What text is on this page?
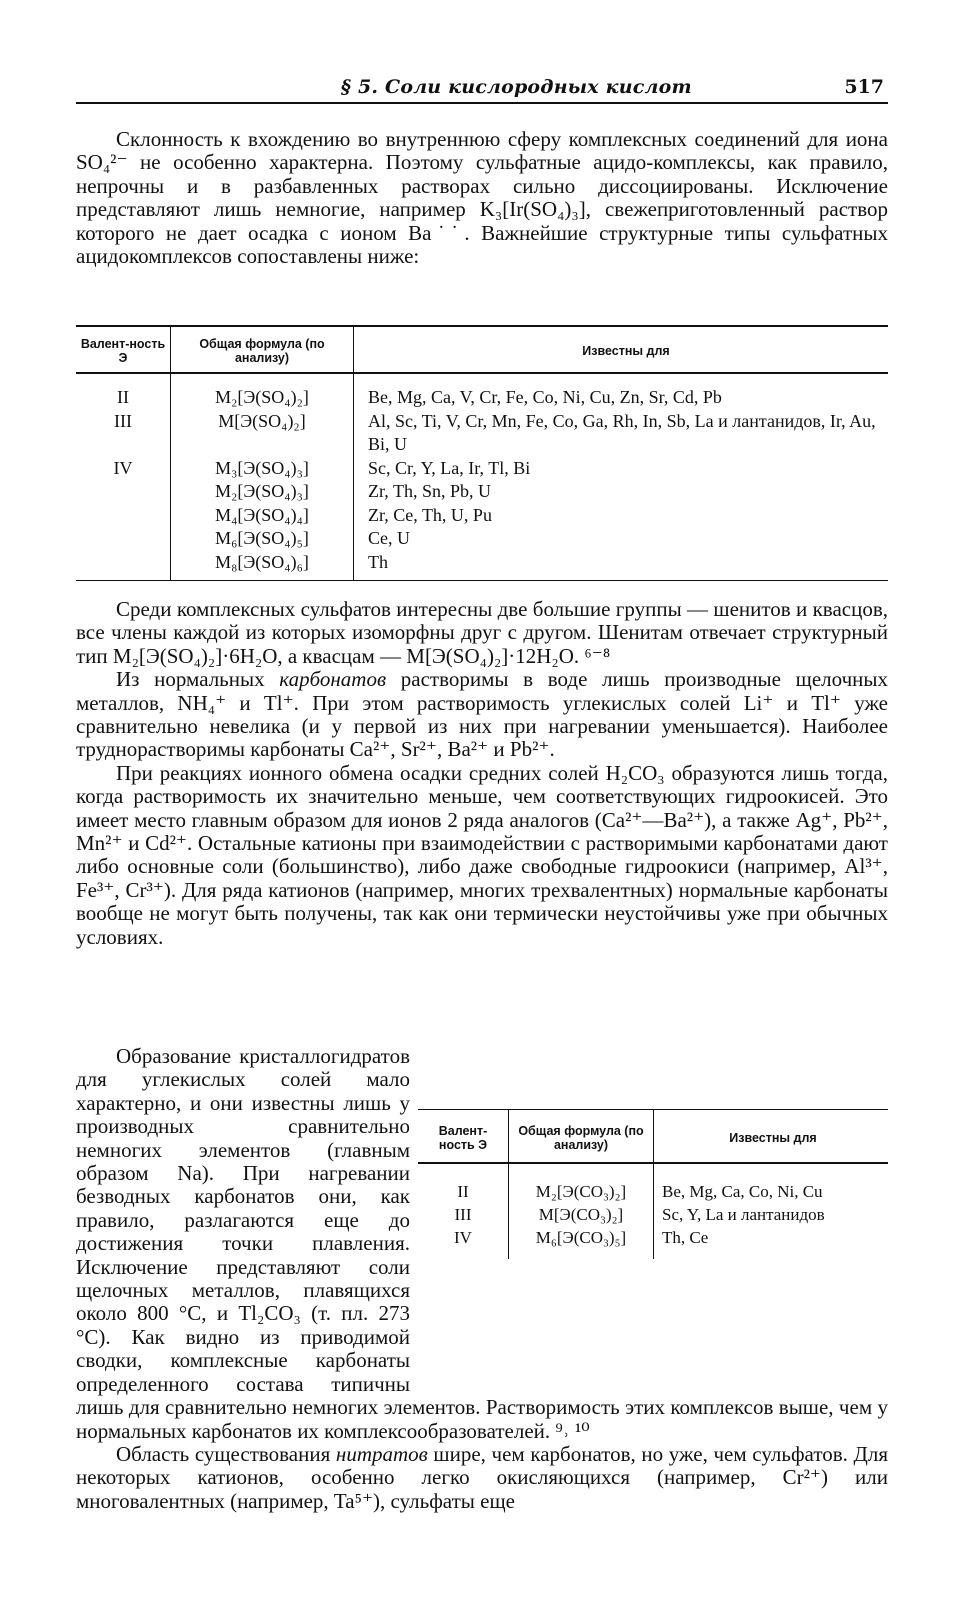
§ 5. Соли кислородных кислот	517

Склонность к вхождению во внутреннюю сферу комплексных соединений для иона SO₄²⁻ не особенно характерна. Поэтому сульфатные ацидо-комплексы, как правило, непрочны и в разбавленных растворах сильно диссоциированы. Исключение представляют лишь немногие, например K₃[Ir(SO₄)₃], свежеприготовленный раствор которого не дает осадка с ионом Ba˙˙. Важнейшие структурные типы сульфатных ацидокомплексов сопоставлены ниже:

Валент-ность Э	Общая формула (по анализу)	Известны для
II	M₂[Э(SO₄)₂]	Be, Mg, Ca, V, Cr, Fe, Co, Ni, Cu, Zn, Sr, Cd, Pb
III	M[Э(SO₄)₂]	Al, Sc, Ti, V, Cr, Mn, Fe, Co, Ga, Rh, In, Sb, La и лантанидов, Ir, Au, Bi, U
IV	M₃[Э(SO₄)₃]	Sc, Cr, Y, La, Ir, Tl, Bi
	M₂[Э(SO₄)₃]	Zr, Th, Sn, Pb, U
	M₄[Э(SO₄)₄]	Zr, Ce, Th, U, Pu
	M₆[Э(SO₄)₅]	Ce, U
	M₈[Э(SO₄)₆]	Th

Среди комплексных сульфатов интересны две большие группы — шенитов и квасцов, все члены каждой из которых изоморфны друг с другом. Шенитам отвечает структурный тип M₂[Э(SO₄)₂]·6H₂O, а квасцам — M[Э(SO₄)₂]·12H₂O. ⁶⁻⁸

Из нормальных карбонатов растворимы в воде лишь производные щелочных металлов, NH₄⁺ и Tl⁺. При этом растворимость углекислых солей Li⁺ и Tl⁺ уже сравнительно невелика (и у первой из них при нагревании уменьшается). Наиболее труднорастворимы карбонаты Ca²⁺, Sr²⁺, Ba²⁺ и Pb²⁺.

При реакциях ионного обмена осадки средних солей H₂CO₃ образуются лишь тогда, когда растворимость их значительно меньше, чем соответствующих гидроокисей. Это имеет место главным образом для ионов 2 ряда аналогов (Ca²⁺—Ba²⁺), а также Ag⁺, Pb²⁺, Mn²⁺ и Cd²⁺. Остальные катионы при взаимодействии с растворимыми карбонатами дают либо основные соли (большинство), либо даже свободные гидроокиси (например, Al³⁺, Fe³⁺, Cr³⁺). Для ряда катионов (например, многих трехвалентных) нормальные карбонаты вообще не могут быть получены, так как они термически неустойчивы уже при обычных условиях.

Валент-ность Э	Общая формула (по анализу)	Известны для
II	M₂[Э(CO₃)₂]	Be, Mg, Ca, Co, Ni, Cu
III	M[Э(CO₃)₂]	Sc, Y, La и лантанидов
IV	M₆[Э(CO₃)₅]	Th, Ce

Образование кристаллогидратов для углекислых солей мало характерно, и они известны лишь у производных сравнительно немногих элементов (главным образом Na). При нагревании безводных карбонатов они, как правило, разлагаются еще до достижения точки плавления. Исключение представляют соли щелочных металлов, плавящихся около 800 °C, и Tl₂CO₃ (т. пл. 273 °C). Как видно из приводимой сводки, комплексные карбонаты определенного состава типичны лишь для сравнительно немногих элементов. Растворимость этих комплексов выше, чем у нормальных карбонатов их комплексообразователей. ⁹˒ ¹⁰

Область существования нитратов шире, чем карбонатов, но уже, чем сульфатов. Для некоторых катионов, особенно легко окисляющихся (например, Cr²⁺) или многовалентных (например, Ta⁵⁺), сульфаты еще
